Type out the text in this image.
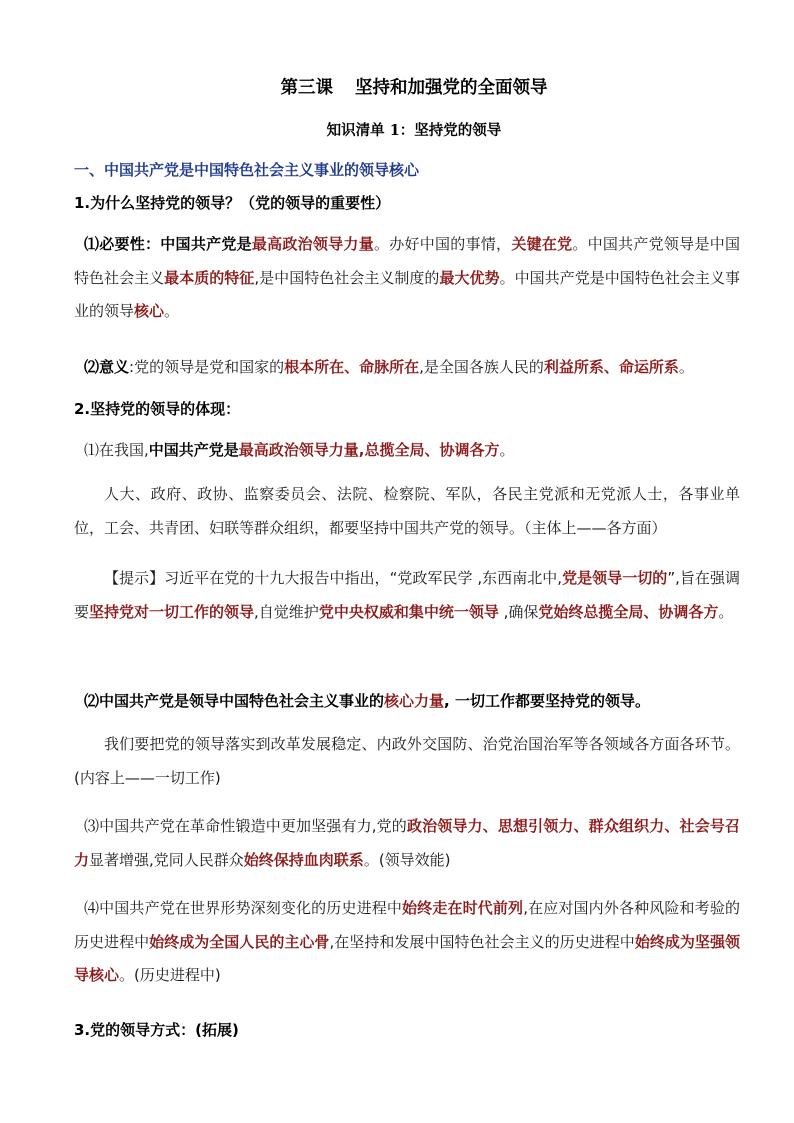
第三课 坚持和加强党的全面领导
知识清单 1：坚持党的领导
一、中国共产党是中国特色社会主义事业的领导核心
1.为什么坚持党的领导？（党的领导的重要性）
⑴必要性：中国共产党是最高政治领导力量。办好中国的事情，关键在党。中国共产党领导是中国特色社会主义最本质的特征,是中国特色社会主义制度的最大优势。中国共产党是中国特色社会主义事业的领导核心。
⑵意义:党的领导是党和国家的根本所在、命脉所在,是全国各族人民的利益所系、命运所系。
2.坚持党的领导的体现：
⑴在我国,中国共产党是最高政治领导力量,总揽全局、协调各方。
人大、政府、政协、监察委员会、法院、检察院、军队，各民主党派和无党派人士，各事业单位，工会、共青团、妇联等群众组织，都要坚持中国共产党的领导。（主体上——各方面）
【提示】习近平在党的十九大报告中指出，“党政军民学 ,东西南北中,党是领导一切的”,旨在强调要坚持党对一切工作的领导,自觉维护党中央权威和集中统一领导 ,确保党始终总揽全局、协调各方。
⑵中国共产党是领导中国特色社会主义事业的核心力量, 一切工作都要坚持党的领导。
我们要把党的领导落实到改革发展稳定、内政外交国防、治党治国治军等各领域各方面各环节。(内容上——一切工作)
⑶中国共产党在革命性锻造中更加坚强有力,党的政治领导力、思想引领力、群众组织力、社会号召力显著增强,党同人民群众始终保持血肉联系。(领导效能)
⑷中国共产党在世界形势深刻变化的历史进程中始终走在时代前列,在应对国内外各种风险和考验的历史进程中始终成为全国人民的主心骨,在坚持和发展中国特色社会主义的历史进程中始终成为坚强领导核心。(历史进程中)
3.党的领导方式：(拓展)
